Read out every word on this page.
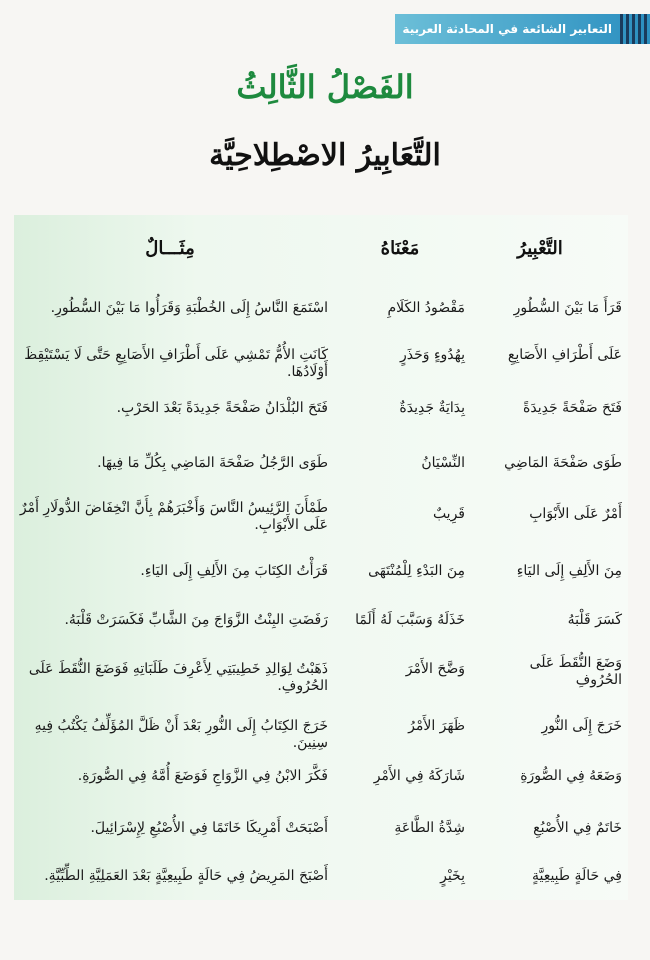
التعابير الشائعة في المحادثة العربية
الفَصْلُ الثَّالِثُ
التَّعَابِيرُ الاصْطِلاحِيَّة
التَّعْبِيرُ
مَعْنَاهُ
مِثَـــالٌ
قَرَأَ مَا بَيْنَ السُّطُورِ
مَقْصُودُ الكَلَامِ
اسْتَمَعَ النَّاسُ إِلَى الخُطْبَةِ وَقَرَأُوا مَا بَيْنَ السُّطُورِ.
عَلَى أَطْرَافِ الأَصَابِعِ
بِهُدُوءٍ وَحَذَرٍ
كَانَتِ الأُمُّ تَمْشِي عَلَى أَطْرَافِ الأَصَابِعِ حَتَّى لَا يَسْتَيْقِظَ أَوْلَادُهَا.
فَتَحَ صَفْحَةً جَدِيدَةً
بِدَايَةٌ جَدِيدَةٌ
فَتَحَ البُلْدَانُ صَفْحَةً جَدِيدَةً بَعْدَ الحَرْبِ.
طَوَى صَفْحَةَ المَاضِي
النِّسْيَانُ
طَوَى الرَّجُلُ صَفْحَةَ المَاضِي بِكُلِّ مَا فِيهَا.
أَمْرٌ عَلَى الأَبْوَابِ
قَرِيبٌ
طَمْأَنَ الرَّئِيسُ النَّاسَ وَأَخْبَرَهُمْ بِأَنَّ انْخِفَاضَ الدُّولَارِ أَمْرٌ عَلَى الأَبْوَابِ.
مِنَ الأَلِفِ إِلَى اليَاءِ
مِنَ البَدْءِ لِلْمُنْتَهَى
قَرَأْتُ الكِتَابَ مِنَ الأَلِفِ إِلَى اليَاءِ.
كَسَرَ قَلْبَهُ
خَذَلَهُ وَسَبَّبَ لَهُ أَلَمًا
رَفَضَتِ البِنْتُ الزَّوَاجَ مِنَ الشَّابِّ فَكَسَرَتْ قَلْبَهُ.
وَضَعَ النُّقَطَ عَلَى الحُرُوفِ
وَضَّحَ الأَمْرَ
ذَهَبْتُ لِوَالِدِ خَطِيبَتِي لِأَعْرِفَ طَلَبَاتِهِ فَوَضَعَ النُّقَطَ عَلَى الحُرُوفِ.
خَرَجَ إِلَى النُّورِ
ظَهَرَ الأَمْرُ
خَرَجَ الكِتَابُ إِلَى النُّورِ بَعْدَ أَنْ ظَلَّ المُؤَلِّفُ يَكْتُبُ فِيهِ سِنِينَ.
وَضَعَهُ فِي الصُّورَةِ
شَارَكَهُ فِي الأَمْرِ
فَكَّرَ الابْنُ فِي الزَّوَاجِ فَوَضَعَ أُمَّهُ فِي الصُّورَةِ.
خَاتَمٌ فِي الأُصْبُعِ
شِدَّةُ الطَّاعَةِ
أَصْبَحَتْ أَمْرِيكَا خَاتَمًا فِي الأُصْبُعِ لِإِسْرَائِيلَ.
فِي حَالَةٍ طَبِيعِيَّةٍ
بِخَيْرٍ
أَصْبَحَ المَرِيضُ فِي حَالَةٍ طَبِيعِيَّةٍ بَعْدَ العَمَلِيَّةِ الطِّبِّيَّةِ.
